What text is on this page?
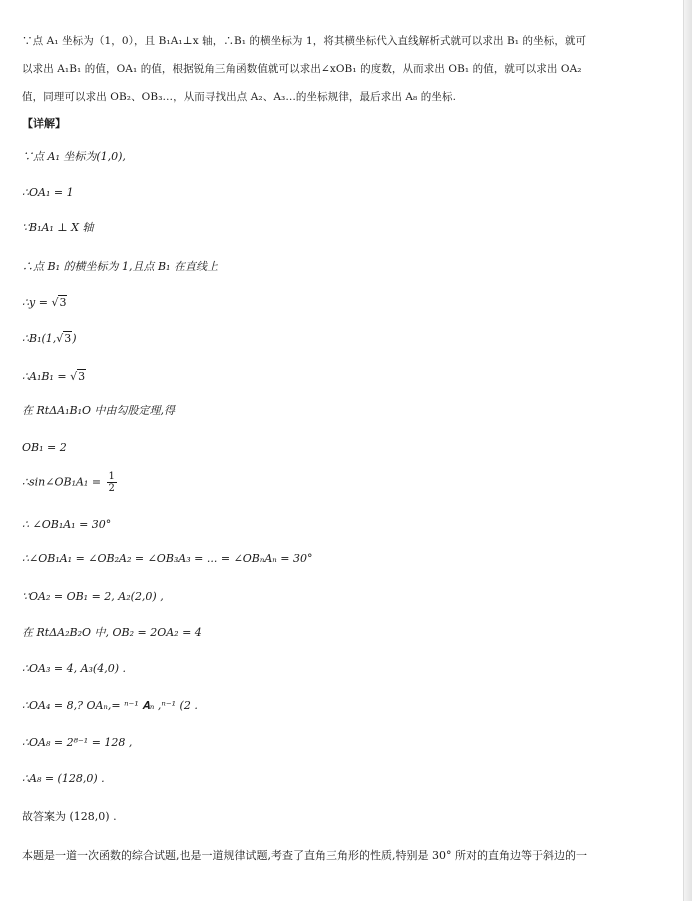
∵点 A₁ 坐标为（1，0），且 B₁A₁⊥x 轴，∴B₁ 的横坐标为 1，将其横坐标代入直线解析式就可以求出 B₁ 的坐标，就可
以求出 A₁B₁ 的值，OA₁ 的值，根据锐角三角函数值就可以求出∠xOB₁ 的度数，从而求出 OB₁ 的值，就可以求出 OA₂
值，同理可以求出 OB₂、OB₃…，从而寻找出点 A₂、A₃…的坐标规律，最后求出 A₈ 的坐标.
【详解】
∵点 A₁ 坐标为(1,0),
∴OA₁ = 1
∵B₁A₁ ⊥ X 轴
∴点 B₁ 的横坐标为 1,且点 B₁ 在直线上
∴y = √3
∴B₁(1,√3)
∴A₁B₁ = √3
在 RtΔA₁B₁O 中由勾股定理,得
OB₁ = 2
∴sin∠OB₁A₁ = $\frac{1}{2}$
∴ ∠OB₁A₁ = 30°
∴∠OB₁A₁ = ∠OB₂A₂ = ∠OB₃A₃ = ... = ∠OBₙAₙ = 30°
∵OA₂ = OB₁ = 2, A₂(2,0) ,
在 RtΔA₂B₂O 中, OB₂ = 2OA₂ = 4
∴OA₃ = 4, A₃(4,0) .
∴OA₄ = 8,? OAₙ,= ⁿ⁻¹ 𝐀ₙ ,ⁿ⁻¹ (2 .
∴OA₈ = 2⁸⁻¹ = 128 ,
∴A₈ = (128,0) .
故答案为 (128,0) .
本题是一道一次函数的综合试题,也是一道规律试题,考查了直角三角形的性质,特别是 30° 所对的直角边等于斜边的一
